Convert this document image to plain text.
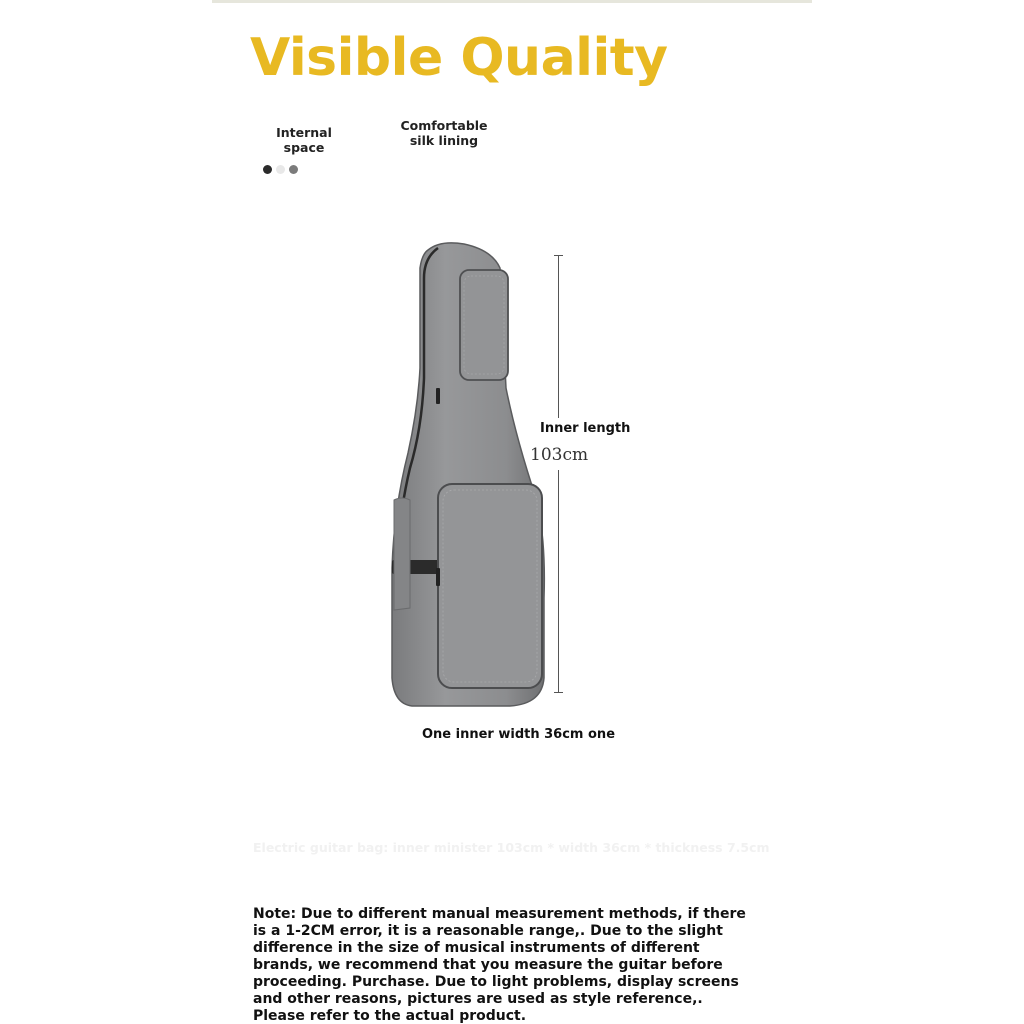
Visible Quality
Internal space
Comfortable silk lining
Inner length
103cm
One inner width 36cm one
Electric guitar bag: inner minister 103cm * width 36cm * thickness 7.5cm

Note: Due to different manual measurement methods, if there is a 1-2CM error, it is a reasonable range,. Due to the slight difference in the size of musical instruments of different brands, we recommend that you measure the guitar before proceeding. Purchase. Due to light problems, display screens and other reasons, pictures are used as style reference,. Please refer to the actual product.
